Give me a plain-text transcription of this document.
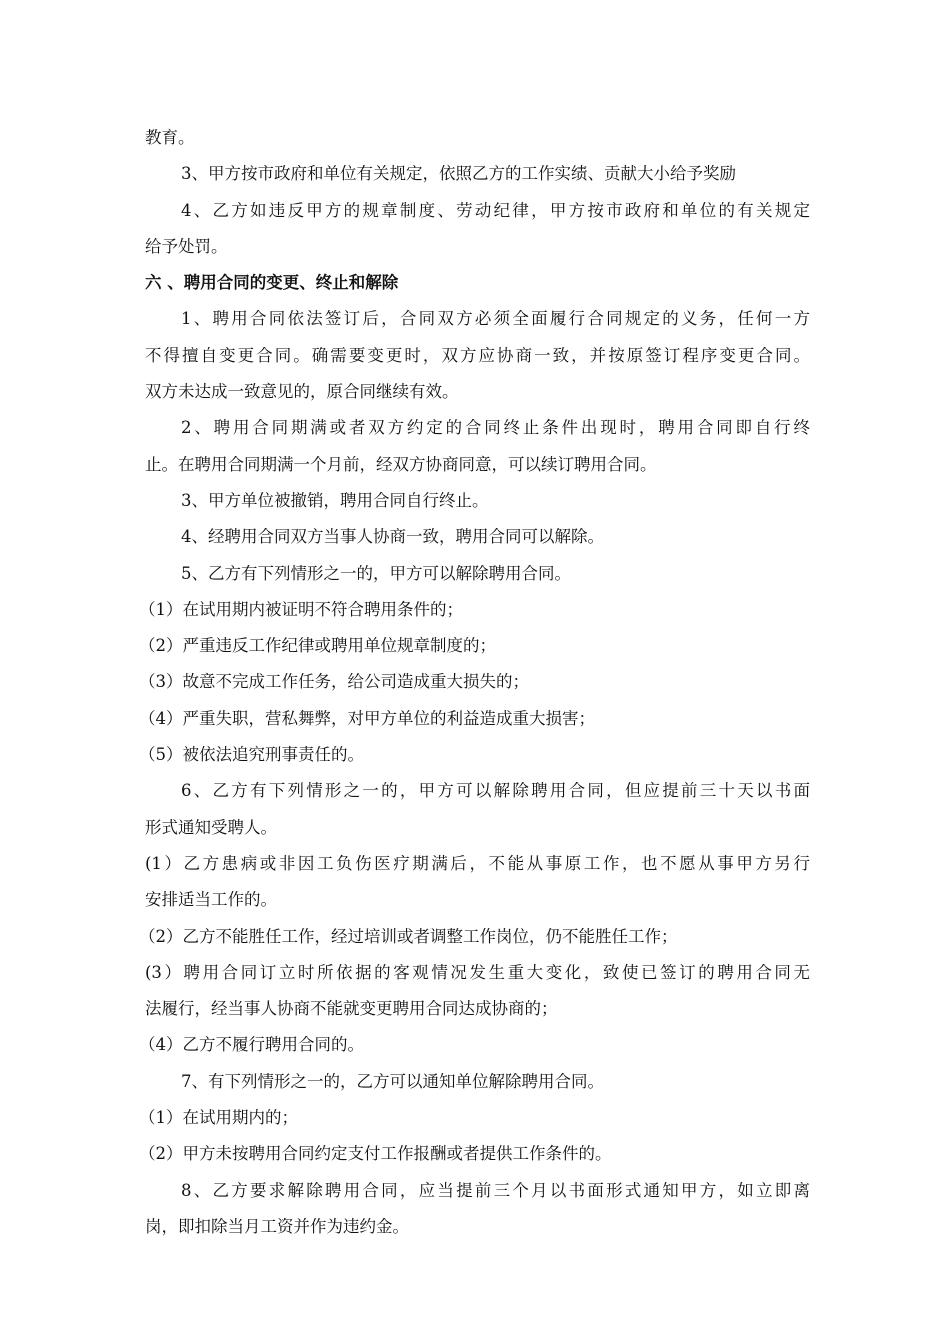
教育。
3、甲方按市政府和单位有关规定，依照乙方的工作实绩、贡献大小给予奖励
4、乙方如违反甲方的规章制度、劳动纪律，甲方按市政府和单位的有关规定
给予处罚。
六 、聘用合同的变更、终止和解除
1、聘用合同依法签订后，合同双方必须全面履行合同规定的义务，任何一方
不得擅自变更合同。确需要变更时，双方应协商一致，并按原签订程序变更合同。
双方未达成一致意见的，原合同继续有效。
2、聘用合同期满或者双方约定的合同终止条件出现时，聘用合同即自行终
止。在聘用合同期满一个月前，经双方协商同意，可以续订聘用合同。
3、甲方单位被撤销，聘用合同自行终止。
4、经聘用合同双方当事人协商一致，聘用合同可以解除。
5、乙方有下列情形之一的，甲方可以解除聘用合同。
（1）在试用期内被证明不符合聘用条件的；
（2）严重违反工作纪律或聘用单位规章制度的；
（3）故意不完成工作任务，给公司造成重大损失的；
（4）严重失职，营私舞弊，对甲方单位的利益造成重大损害；
（5）被依法追究刑事责任的。
6、乙方有下列情形之一的，甲方可以解除聘用合同，但应提前三十天以书面
形式通知受聘人。
(1）乙方患病或非因工负伤医疗期满后，不能从事原工作，也不愿从事甲方另行
安排适当工作的。
（2）乙方不能胜任工作，经过培训或者调整工作岗位，仍不能胜任工作；
(3）聘用合同订立时所依据的客观情况发生重大变化，致使已签订的聘用合同无
法履行，经当事人协商不能就变更聘用合同达成协商的；
（4）乙方不履行聘用合同的。
7、有下列情形之一的，乙方可以通知单位解除聘用合同。
（1）在试用期内的；
（2）甲方未按聘用合同约定支付工作报酬或者提供工作条件的。
8、乙方要求解除聘用合同，应当提前三个月以书面形式通知甲方，如立即离
岗，即扣除当月工资并作为违约金。
